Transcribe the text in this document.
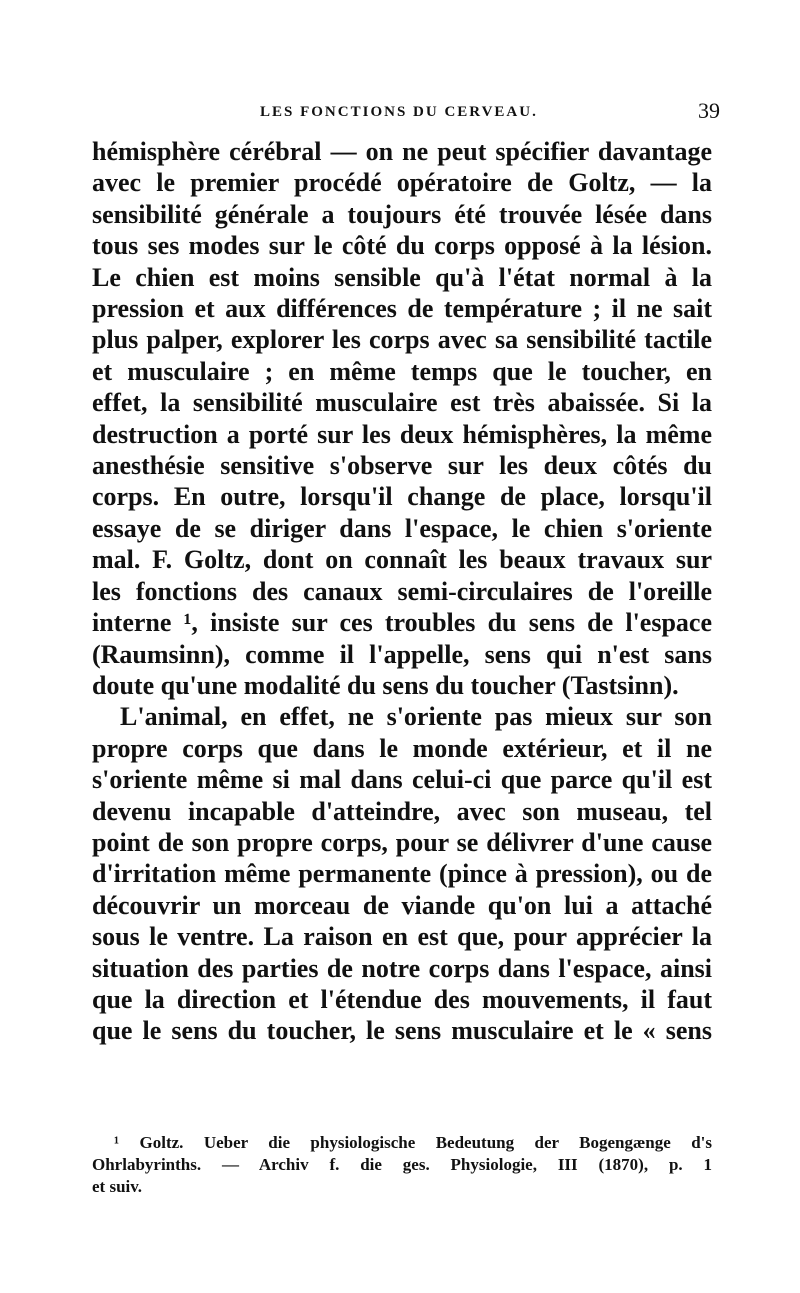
LES FONCTIONS DU CERVEAU.	39
hémisphère cérébral — on ne peut spécifier davantage
avec le premier procédé opératoire de Goltz, — la
sensibilité générale a toujours été trouvée lésée dans
tous ses modes sur le côté du corps opposé à la lésion.
Le chien est moins sensible qu'à l'état normal à la
pression et aux différences de température ; il ne sait
plus palper, explorer les corps avec sa sensibilité tactile
et musculaire ; en même temps que le toucher, en
effet, la sensibilité musculaire est très abaissée. Si la
destruction a porté sur les deux hémisphères, la même
anesthésie sensitive s'observe sur les deux côtés du
corps. En outre, lorsqu'il change de place, lorsqu'il
essaye de se diriger dans l'espace, le chien s'oriente
mal. F. Goltz, dont on connaît les beaux travaux sur
les fonctions des canaux semi-circulaires de l'oreille
interne ¹, insiste sur ces troubles du sens de l'espace
(Raumsinn), comme il l'appelle, sens qui n'est sans
doute qu'une modalité du sens du toucher (Tastsinn).
L'animal, en effet, ne s'oriente pas mieux sur son
propre corps que dans le monde extérieur, et il ne
s'oriente même si mal dans celui-ci que parce qu'il est
devenu incapable d'atteindre, avec son museau, tel
point de son propre corps, pour se délivrer d'une cause
d'irritation même permanente (pince à pression), ou de
découvrir un morceau de viande qu'on lui a attaché
sous le ventre. La raison en est que, pour apprécier la
situation des parties de notre corps dans l'espace, ainsi
que la direction et l'étendue des mouvements, il faut
que le sens du toucher, le sens musculaire et le « sens
¹ Goltz. Ueber die physiologische Bedeutung der Bogengænge d's
Ohrlabyrinths. — Archiv f. die ges. Physiologie, III (1870), p. 1
et suiv.
